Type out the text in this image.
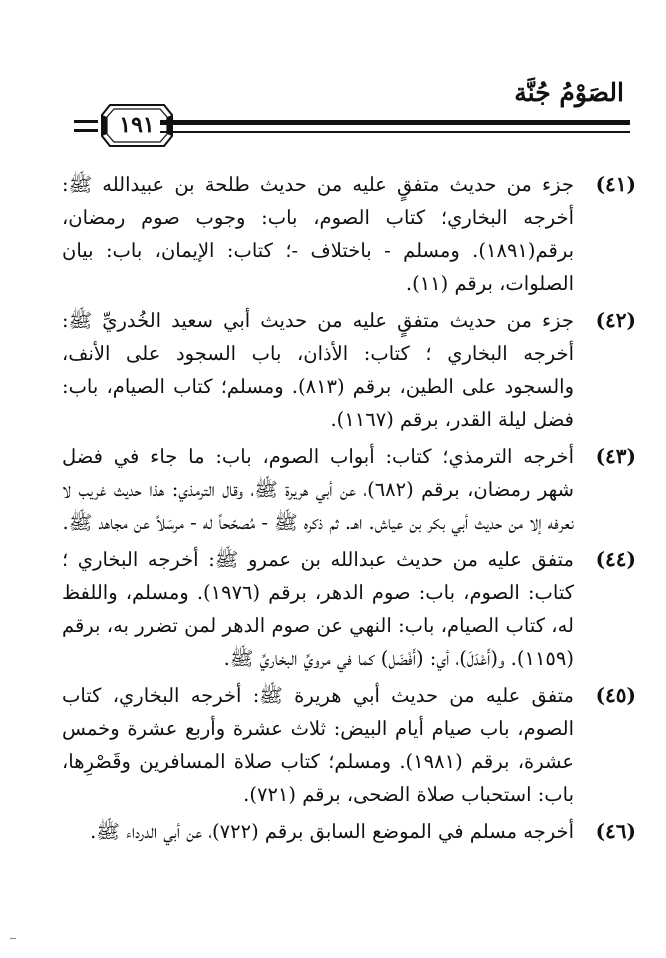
الصَوْمُ جُنَّة
١٩١
(٤١)
جزء من حديث متفقٍ عليه من حديث طلحة بن عبيدالله ﷺ: أخرجه البخاري؛ كتاب الصوم، باب: وجوب صوم رمضان، برقم(١٨٩١). ومسلم - باختلاف -؛ كتاب: الإيمان، باب: بيان الصلوات، برقم (١١).
(٤٢)
جزء من حديث متفقٍ عليه من حديث أبي سعيد الخُدريِّ ﷺ: أخرجه البخاري ؛ كتاب: الأذان، باب السجود على الأنف، والسجود على الطين، برقم (٨١٣). ومسلم؛ كتاب الصيام، باب: فضل ليلة القدر، برقم (١١٦٧).
(٤٣)
أخرجه الترمذي؛ كتاب: أبواب الصوم، باب: ما جاء في فضل شهر رمضان، برقم (٦٨٢)، عن أبي هريرة ﷺ، وقال الترمذي: هذا حديث غريب لا نعرفه إلا من حديث أبي بكر بن عياش. اهـ. ثم ذكره ﷺ - مُصحّحاً له - مرسَلاً عن مجاهد ﷺ.
(٤٤)
متفق عليه من حديث عبدالله بن عمرو ﷺ: أخرجه البخاري ؛ كتاب: الصوم، باب: صوم الدهر، برقم (١٩٧٦). ومسلم، واللفظ له، كتاب الصيام، باب: النهي عن صوم الدهر لمن تضرر به، برقم (١١٥٩). و(أَعْدَلَ)، أي: (أَفْضَل) كما في مرويِّ البخاريِّ ﷺ.
(٤٥)
متفق عليه من حديث أبي هريرة ﷺ: أخرجه البخاري، كتاب الصوم، باب صيام أيام البيض: ثلاث عشرة وأربع عشرة وخمس عشرة، برقم (١٩٨١). ومسلم؛ كتاب صلاة المسافرين وقَصْرِها، باب: استحباب صلاة الضحى، برقم (٧٢١).
(٤٦)
أخرجه مسلم في الموضع السابق برقم (٧٢٢)، عن أبي الدرداء ﷺ.
